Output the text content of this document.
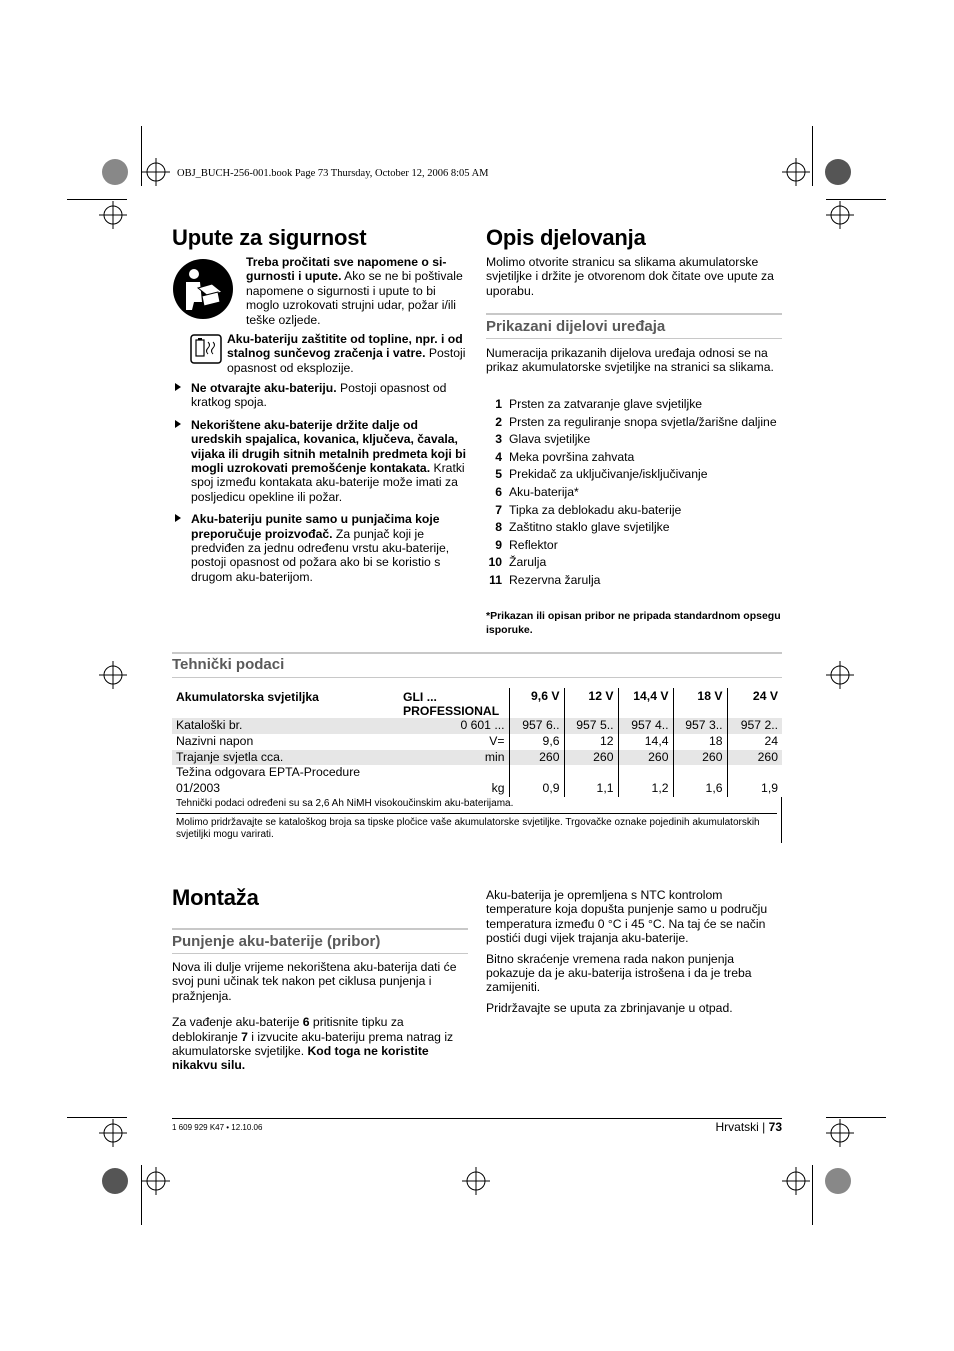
OBJ_BUCH-256-001.book Page 73 Thursday, October 12, 2006 8:05 AM
Upute za sigurnost

Treba pročitati sve napomene o si-gurnosti i upute. Ako se ne bi poštivale napomene o sigurnosti i upute to bi moglo uzrokovati strujni udar, požar i/ili teške ozljede.

Aku-bateriju zaštitite od topline, npr. i od stalnog sunčevog zračenja i vatre. Postoji opasnost od eksplozije.

Ne otvarajte aku-bateriju. Postoji opasnost od kratkog spoja.

Nekorištene aku-baterije držite dalje od uredskih spajalica, kovanica, ključeva, čavala, vijaka ili drugih sitnih metalnih predmeta koji bi mogli uzrokovati premošćenje kontakata. Kratki spoj između kontakata aku-baterije može imati za posljedicu opekline ili požar.

Aku-bateriju punite samo u punjačima koje preporučuje proizvođač. Za punjač koji je predviđen za jednu određenu vrstu aku-baterije, postoji opasnost od požara ako bi se koristio s drugom aku-baterijom.

Opis djelovanja

Molimo otvorite stranicu sa slikama akumulatorske svjetiljke i držite je otvorenom dok čitate ove upute za uporabu.

Prikazani dijelovi uređaja

Numeracija prikazanih dijelova uređaja odnosi se na prikaz akumulatorske svjetiljke na stranici sa slikama.

1 Prsten za zatvaranje glave svjetiljke
2 Prsten za reguliranje snopa svjetla/žarišne daljine
3 Glava svjetiljke
4 Meka površina zahvata
5 Prekidač za uključivanje/isključivanje
6 Aku-baterija*
7 Tipka za deblokadu aku-baterije
8 Zaštitno staklo glave svjetiljke
9 Reflektor
10 Žarulja
11 Rezervna žarulja
*Prikazan ili opisan pribor ne pripada standardnom opsegu isporuke.
Tehnički podaci
Akumulatorska svjetiljka	GLI ...
PROFESSIONAL	9,6 V	12 V	14,4 V	18 V	24 V
Kataloški br.	0 601 ...	957 6..	957 5..	957 4..	957 3..	957 2..
Nazivni napon	V=	9,6	12	14,4	18	24
Trajanje svjetla cca.	min	260	260	260	260	260

Težina odgovara EPTA-Procedure
01/2003	kg	0,9	1,1	1,2	1,6	1,9
Tehnički podaci određeni su sa 2,6 Ah NiMH visokoučinskim aku-baterijama.
Molimo pridržavajte se kataloškog broja sa tipske pločice vaše akumulatorske svjetiljke. Trgovačke oznake pojedinih akumulatorskih svjetiljki mogu varirati.
Montaža
Punjenje aku-baterije (pribor)

Nova ili dulje vrijeme nekorištena aku-baterija dati će svoj puni učinak tek nakon pet ciklusa punjenja i pražnjenja.

Za vađenje aku-baterije 6 pritisnite tipku za deblokiranje 7 i izvucite aku-bateriju prema natrag iz akumulatorske svjetiljke. Kod toga ne koristite nikakvu silu.

Aku-baterija je opremljena s NTC kontrolom temperature koja dopušta punjenje samo u području temperatura između 0 °C i 45 °C. Na taj će se način postići dugi vijek trajanja aku-baterije.

Bitno skraćenje vremena rada nakon punjenja pokazuje da je aku-baterija istrošena i da je treba zamijeniti.

Pridržavajte se uputa za zbrinjavanje u otpad.

1 609 929 K47 • 12.10.06	Hrvatski | 73
